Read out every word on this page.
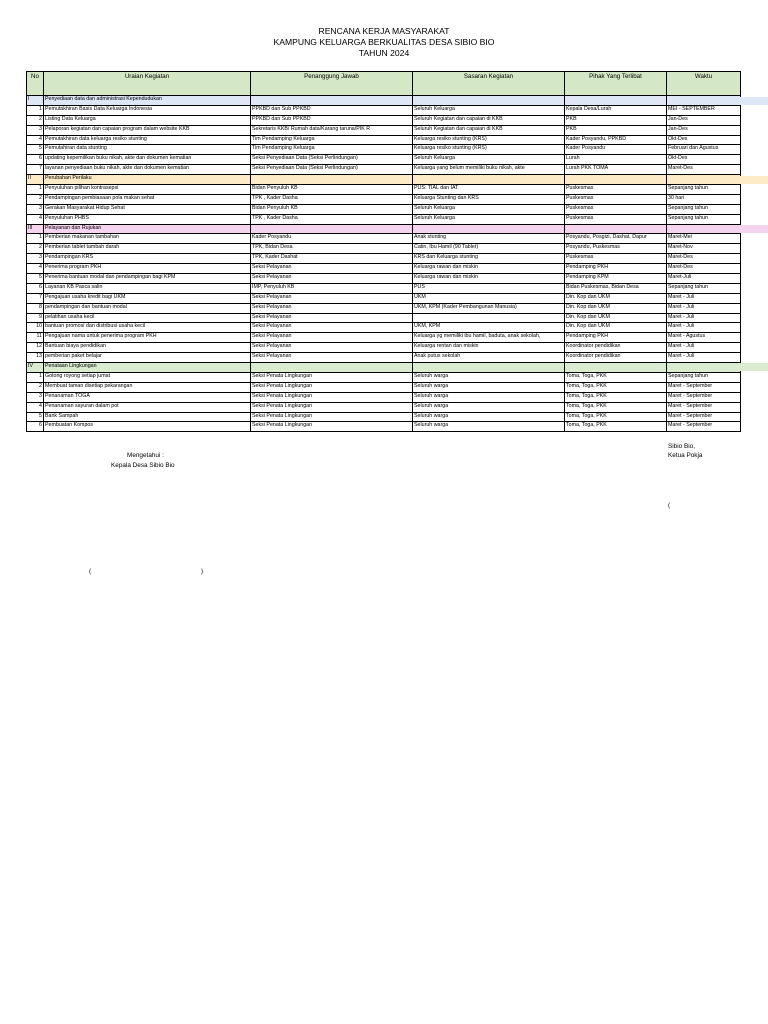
RENCANA KERJA MASYARAKAT
KAMPUNG KELUARGA BERKUALITAS DESA SIBIO BIO
TAHUN 2024
No	Uraian Kegiatan	Penanggung Jawab	Sasaran Kegiatan	Pihak Yang Terlibat	Waktu
I	Penyediaan data dan administrasi Kependudukan				
1	Pemutakhiran Basis Data Keluarga Indonesia	PPKBD dan Sub PPKBD	Seluruh Keluarga	Kepala Desa/Lurah	MEI - SEPTEMBER
2	Listing Data Keluarga	PPKBD dan Sub PPKBD	Seluruh Kegiatan dan capaian di KKB	PKB	Jan-Des
3	Pelaporan kegiatan dan capaian program dalam website KKB	Sekretaris KKB/ Rumah data/Karang taruna/PIK R	Seluruh Kegiatan dan capaian di KKB	PKB	Jan-Des
4	Pemutakhiran data keluarga resiko stunting	Tim Pendamping Keluarga	Keluarga resiko stunting (KRS)	Kader Posyandu, PPKBD	Okt-Des
5	Pemutahiran data stunting	Tim Pendamping Keluarga	Keluarga resiko stunting (KRS)	Kader Posyandu	Februari dan Agustus
6	updating kepemilikan buku nikah, akte dan dokumen kematian	Seksi Penyediaan Data (Seksi Perlindungan)	Seluruh Keluarga	Lurah	Okt-Des
7	layanan penyediaan buku nikah, akte dan dokumen kematian	Seksi Penyediaan Data (Seksi Perlindungan)	Keluarga yang belum memiliki buku nikah, akte	Lurah PKK TOMA	Maret-Des
II	Perubahan Perilaku				
1	Penyuluhan pilihan kontrasepsi	Bidan Penyuluh KB	PUS: TIAL dan IAT	Puskesmas	Sepanjang tahun
2	Pendampingan pembiasaan pola makan sehat	TPK , Kader Dasha	Keluarga Stunting dan KRS	Puskesmas	30 hari
3	Gerakan Masyarakat Hidup Sehat	Bidan Penyuluh KB	Seluruh Keluarga	Puskesmas	Sepanjang tahun
4	Penyuluhan PHBS	TPK , Kader Dasha	Seluruh Keluarga	Puskesmas	Sepanjang tahun
III	Pelayanan dan Rujukan				
1	Pemberian makanan tambahan	Kader Posyandu	Anak stunting	Posyandu, Posgizi, Dashat, Dapur	Maret-Mei
2	Pemberian tablet tambah darah	TPK, Bidan Desa	Catin, Ibu Hamil (90 Tablet)	Posyandu, Puskesmas	Maret-Nov
3	Pendampingan KRS	TPK, Kader Dashat	KRS dan Keluarga stunting	Puskesmas	Maret-Des
4	Penerima program PKH	Seksi Pelayanan	Keluarga rawan dan miskin	Pendamping PKH	Maret-Des
5	Penerima bantuan modal dan pendampingan bagi KPM	Seksi Pelayanan	Keluarga rawan dan miskin	Pendamping KPM	Maret-Juli
6	Layanan KB Pasca salin	IMP, Penyuluh KB	PUS	Bidan Puskesmas, Bidan Desa	Sepanjang tahun
7	Pengajuan usaha kredit bagi UKM	Seksi Pelayanan	UKM	Din. Kop dan UKM	Maret - Juli
8	pendampingan dan bantuan modal	Seksi Pelayanan	UKM, KPM (Kader Pembangunan Manusia)	Din. Kop dan UKM	Maret - Juli
9	pelatihan usaha kecil	Seksi Pelayanan		Din. Kop dan UKM	Maret - Juli
10	bantuan promosi dan distribusi usaha kecil	Seksi Pelayanan	UKM, KPM	Din. Kop dan UKM	Maret - Juli
11	Pengajuan nama untuk penerima program PKH	Seksi Pelayanan	Keluarga yg memiliki ibu hamil, baduta, anak sekolah,	Pendamping PKH	Maret - Agustus
12	Bantuan biaya pendidikan	Seksi Pelayanan	Keluarga rentan dan miskin	Koordinator pendidikan	Maret - Juli
13	pemberian paket belajar	Seksi Pelayanan	Anak putus sekolah	Koordinator pendidikan	Maret - Juli
IV	Penataan Lingkungan				
1	Gotong royong setiap jumat	Seksi Penata Lingkungan	Seluruh warga	Toma, Toga, PKK	Sepanjang tahun
2	Membuat taman disetiap pekarangan	Seksi Penata Lingkungan	Seluruh warga	Toma, Toga, PKK	Maret - September
3	Penanaman TOGA	Seksi Penata Lingkungan	Seluruh warga	Toma, Toga, PKK	Maret - September
4	Penanaman sayuran dalam pot	Seksi Penata Lingkungan	Seluruh warga	Toma, Toga, PKK	Maret - September
5	Bank Sampah	Seksi Penata Lingkungan	Seluruh warga	Toma, Toga, PKK	Maret - September
6	Pembuatan Kompos	Seksi Penata Lingkungan	Seluruh warga	Toma, Toga, PKK	Maret - September
Mengetahui :
Kepala Desa Sibio Bio
(	)
Sibio Bio,
Ketua Pokja
(
